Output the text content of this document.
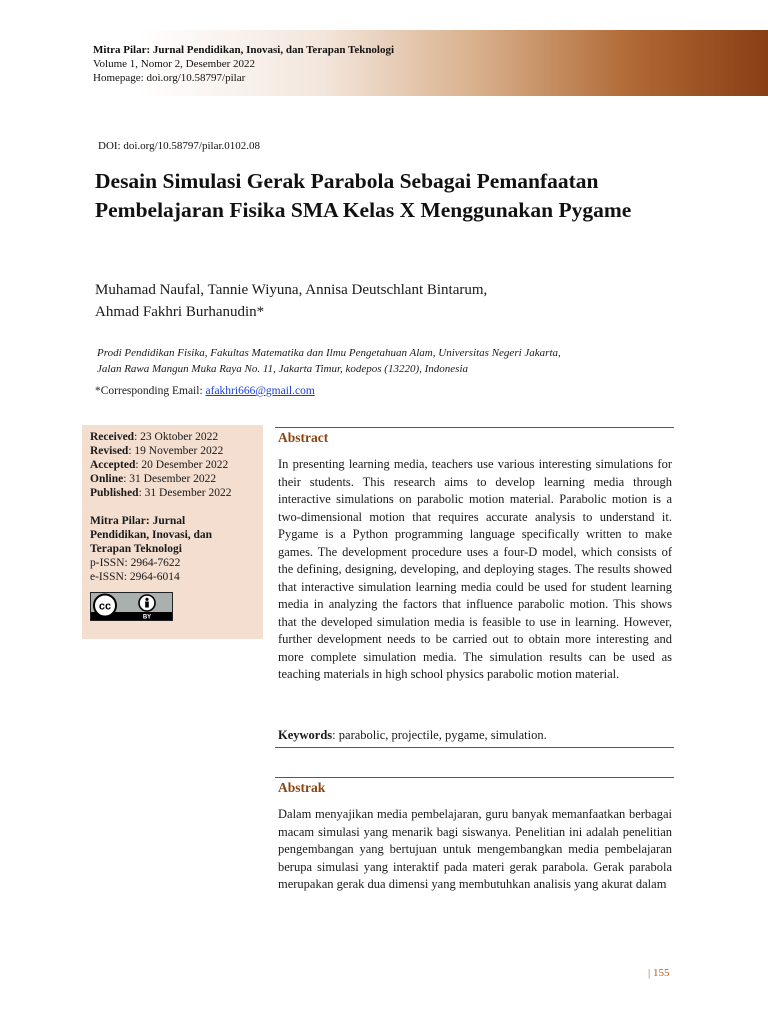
Mitra Pilar: Jurnal Pendidikan, Inovasi, dan Terapan Teknologi
Volume 1, Nomor 2, Desember 2022
Homepage: doi.org/10.58797/pilar
DOI: doi.org/10.58797/pilar.0102.08
Desain Simulasi Gerak Parabola Sebagai Pemanfaatan Pembelajaran Fisika SMA Kelas X Menggunakan Pygame
Muhamad Naufal, Tannie Wiyuna, Annisa Deutschlant Bintarum,
Ahmad Fakhri Burhanudin*
Prodi Pendidikan Fisika, Fakultas Matematika dan Ilmu Pengetahuan Alam, Universitas Negeri Jakarta,
Jalan Rawa Mangun Muka Raya No. 11, Jakarta Timur, kodepos (13220), Indonesia
*Corresponding Email: afakhri666@gmail.com
Received: 23 Oktober 2022
Revised: 19 November 2022
Accepted: 20 Desember 2022
Online: 31 Desember 2022
Published: 31 Desember 2022
Mitra Pilar: Jurnal
Pendidikan, Inovasi, dan
Terapan Teknologi
p-ISSN: 2964-7622
e-ISSN: 2964-6014
cc
BY
Abstract

In presenting learning media, teachers use various interesting simulations for their students. This research aims to develop learning media through interactive simulations on parabolic motion material. Parabolic motion is a two-dimensional motion that requires accurate analysis to understand it. Pygame is a Python programming language specifically written to make games. The development procedure uses a four-D model, which consists of the defining, designing, developing, and deploying stages. The results showed that interactive simulation learning media could be used for student learning media in analyzing the factors that influence parabolic motion. This shows that the developed simulation media is feasible to use in learning. However, further development needs to be carried out to obtain more interesting and more complete simulation media. The simulation results can be used as teaching materials in high school physics parabolic motion material.

Keywords: parabolic, projectile, pygame, simulation.
Abstrak

Dalam menyajikan media pembelajaran, guru banyak memanfaatkan berbagai macam simulasi yang menarik bagi siswanya. Penelitian ini adalah penelitian pengembangan yang bertujuan untuk mengembangkan media pembelajaran berupa simulasi yang interaktif pada materi gerak parabola. Gerak parabola merupakan gerak dua dimensi yang membutuhkan analisis yang akurat dalam

| 155
